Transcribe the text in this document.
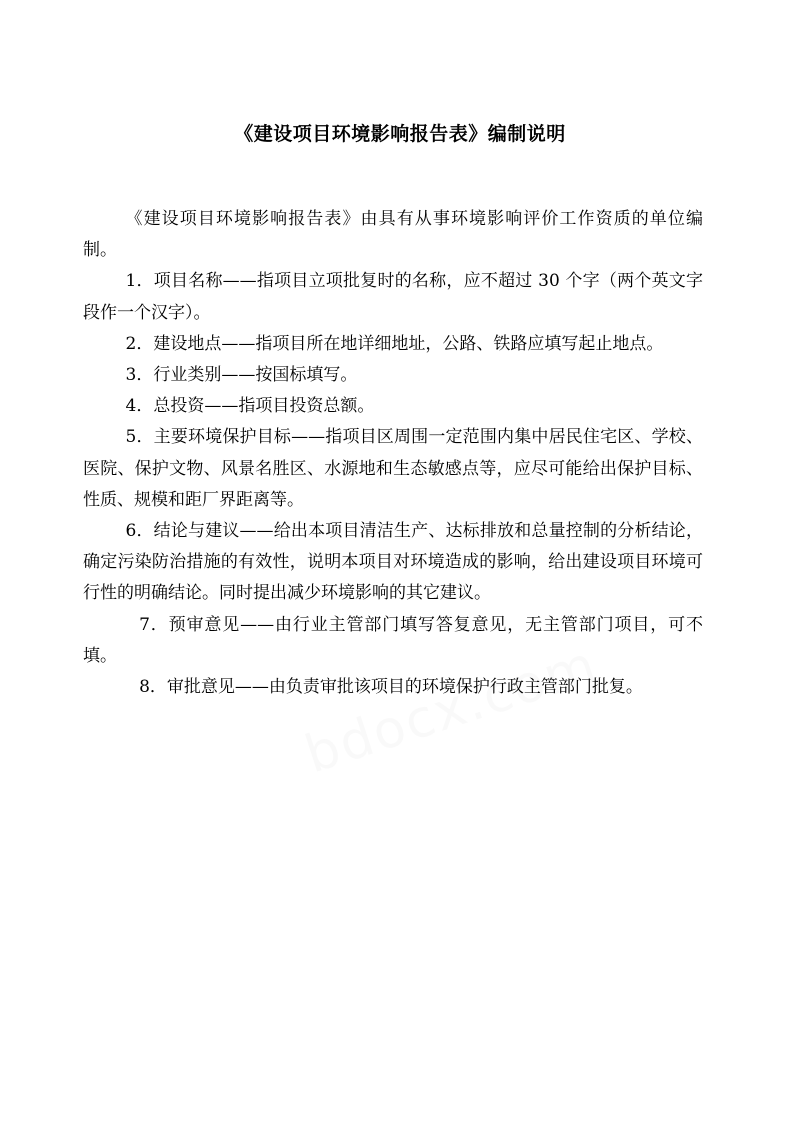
《建设项目环境影响报告表》编制说明

《建设项目环境影响报告表》由具有从事环境影响评价工作资质的单位编制。

1．项目名称——指项目立项批复时的名称，应不超过 30 个字（两个英文字段作一个汉字）。

2．建设地点——指项目所在地详细地址，公路、铁路应填写起止地点。

3．行业类别——按国标填写。

4．总投资——指项目投资总额。

5．主要环境保护目标——指项目区周围一定范围内集中居民住宅区、学校、医院、保护文物、风景名胜区、水源地和生态敏感点等，应尽可能给出保护目标、性质、规模和距厂界距离等。

6．结论与建议——给出本项目清洁生产、达标排放和总量控制的分析结论，确定污染防治措施的有效性，说明本项目对环境造成的影响，给出建设项目环境可行性的明确结论。同时提出减少环境影响的其它建议。

7．预审意见——由行业主管部门填写答复意见，无主管部门项目，可不填。

8．审批意见——由负责审批该项目的环境保护行政主管部门批复。
